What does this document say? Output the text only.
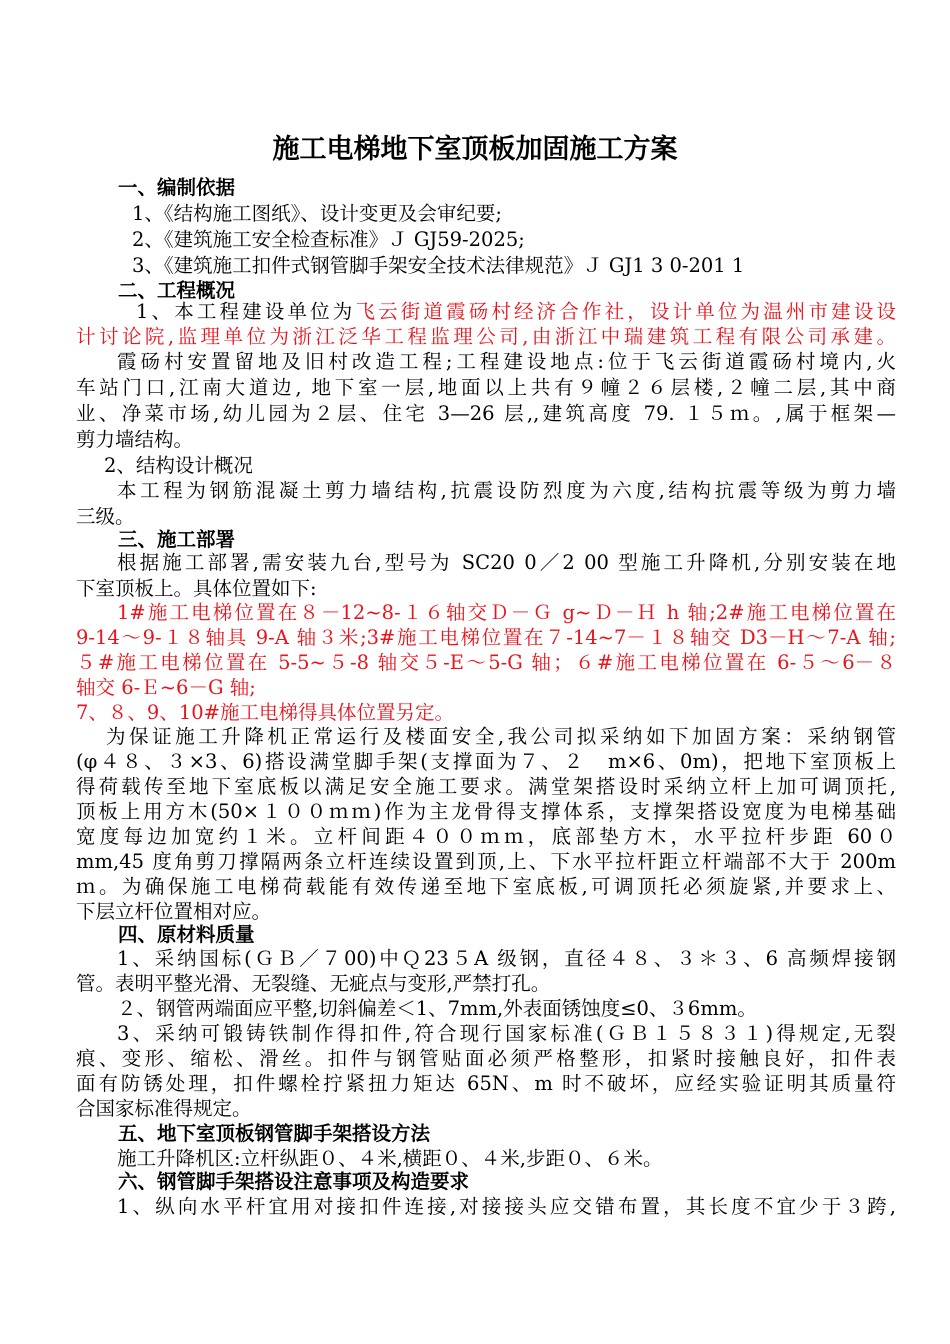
施工电梯地下室顶板加固施工方案
一、编制依据
1、《结构施工图纸》、设计变更及会审纪要;
2、《建筑施工安全检查标准》Ｊ GJ59-2025;
3、《建筑施工扣件式钢管脚手架安全技术法律规范》Ｊ GJ1 3 0-201 1
二、工程概况
1、本工程建设单位为飞云街道霞砀村经济合作社，设计单位为温州市建设设
计讨论院,监理单位为浙江泛华工程监理公司,由浙江中瑞建筑工程有限公司承建。
霞砀村安置留地及旧村改造工程;工程建设地点:位于飞云街道霞砀村境内,火
车站门口,江南大道边, 地下室一层,地面以上共有９幢２６层楼,２幢二层,其中商
业、净菜市场,幼儿园为２层、住宅 3—26 层,,建筑高度 79. １５ｍ。,属于框架—
剪力墙结构。
2、结构设计概况
本工程为钢筋混凝土剪力墙结构,抗震设防烈度为六度,结构抗震等级为剪力墙
三级。
三、施工部署
根据施工部署,需安装九台,型号为 SC20 0／2 00 型施工升降机,分别安装在地
下室顶板上。具体位置如下:
1#施工电梯位置在８－12~8-１６轴交Ｄ－Ｇ g~Ｄ－Ｈ h 轴;2#施工电梯位置在
9-14～9-１８轴具 9-A 轴３米;3#施工电梯位置在７-14~7－１８轴交 D3－H～7-A 轴;
５#施工电梯位置在 5-5~５-8 轴交５-E～5-G 轴；６#施工电梯位置在 6-５～6－８
轴交 6-Ｅ~6－G 轴;
7、８、9、10#施工电梯得具体位置另定。
为保证施工升降机正常运行及楼面安全,我公司拟采纳如下加固方案：采纳钢管
(φ４８、３×3、6)搭设满堂脚手架(支撑面为７、２　m×6、0m)，把地下室顶板上
得荷载传至地下室底板以满足安全施工要求。满堂架搭设时采纳立杆上加可调顶托,
顶板上用方木(50×１００ｍｍ)作为主龙骨得支撑体系，支撑架搭设宽度为电梯基础
宽度每边加宽约１米。立杆间距４００ｍｍ，底部垫方木，水平拉杆步距 60０
mm,45 度角剪刀撑隔两条立杆连续设置到顶,上、下水平拉杆距立杆端部不大于 200m
ｍ。为确保施工电梯荷载能有效传递至地下室底板,可调顶托必须旋紧,并要求上、
下层立杆位置相对应。
四、原材料质量
1、采纳国标(ＧＢ／７00)中Ｑ23５A 级钢，直径４８、３＊３、6 高频焊接钢
管。表明平整光滑、无裂缝、无疵点与变形,严禁打孔。
２、钢管两端面应平整,切斜偏差＜1、7mm,外表面锈蚀度≤0、３6mm。
3、采纳可锻铸铁制作得扣件,符合现行国家标准(ＧＢ１５８３１)得规定,无裂
痕、变形、缩松、滑丝。扣件与钢管贴面必须严格整形，扣紧时接触良好，扣件表
面有防锈处理，扣件螺栓拧紧扭力矩达 65N、m 时不破坏，应经实验证明其质量符
合国家标准得规定。
五、地下室顶板钢管脚手架搭设方法
施工升降机区:立杆纵距０、４米,横距０、４米,步距０、６米。
六、钢管脚手架搭设注意事项及构造要求
1、纵向水平杆宜用对接扣件连接,对接接头应交错布置，其长度不宜少于３跨,
